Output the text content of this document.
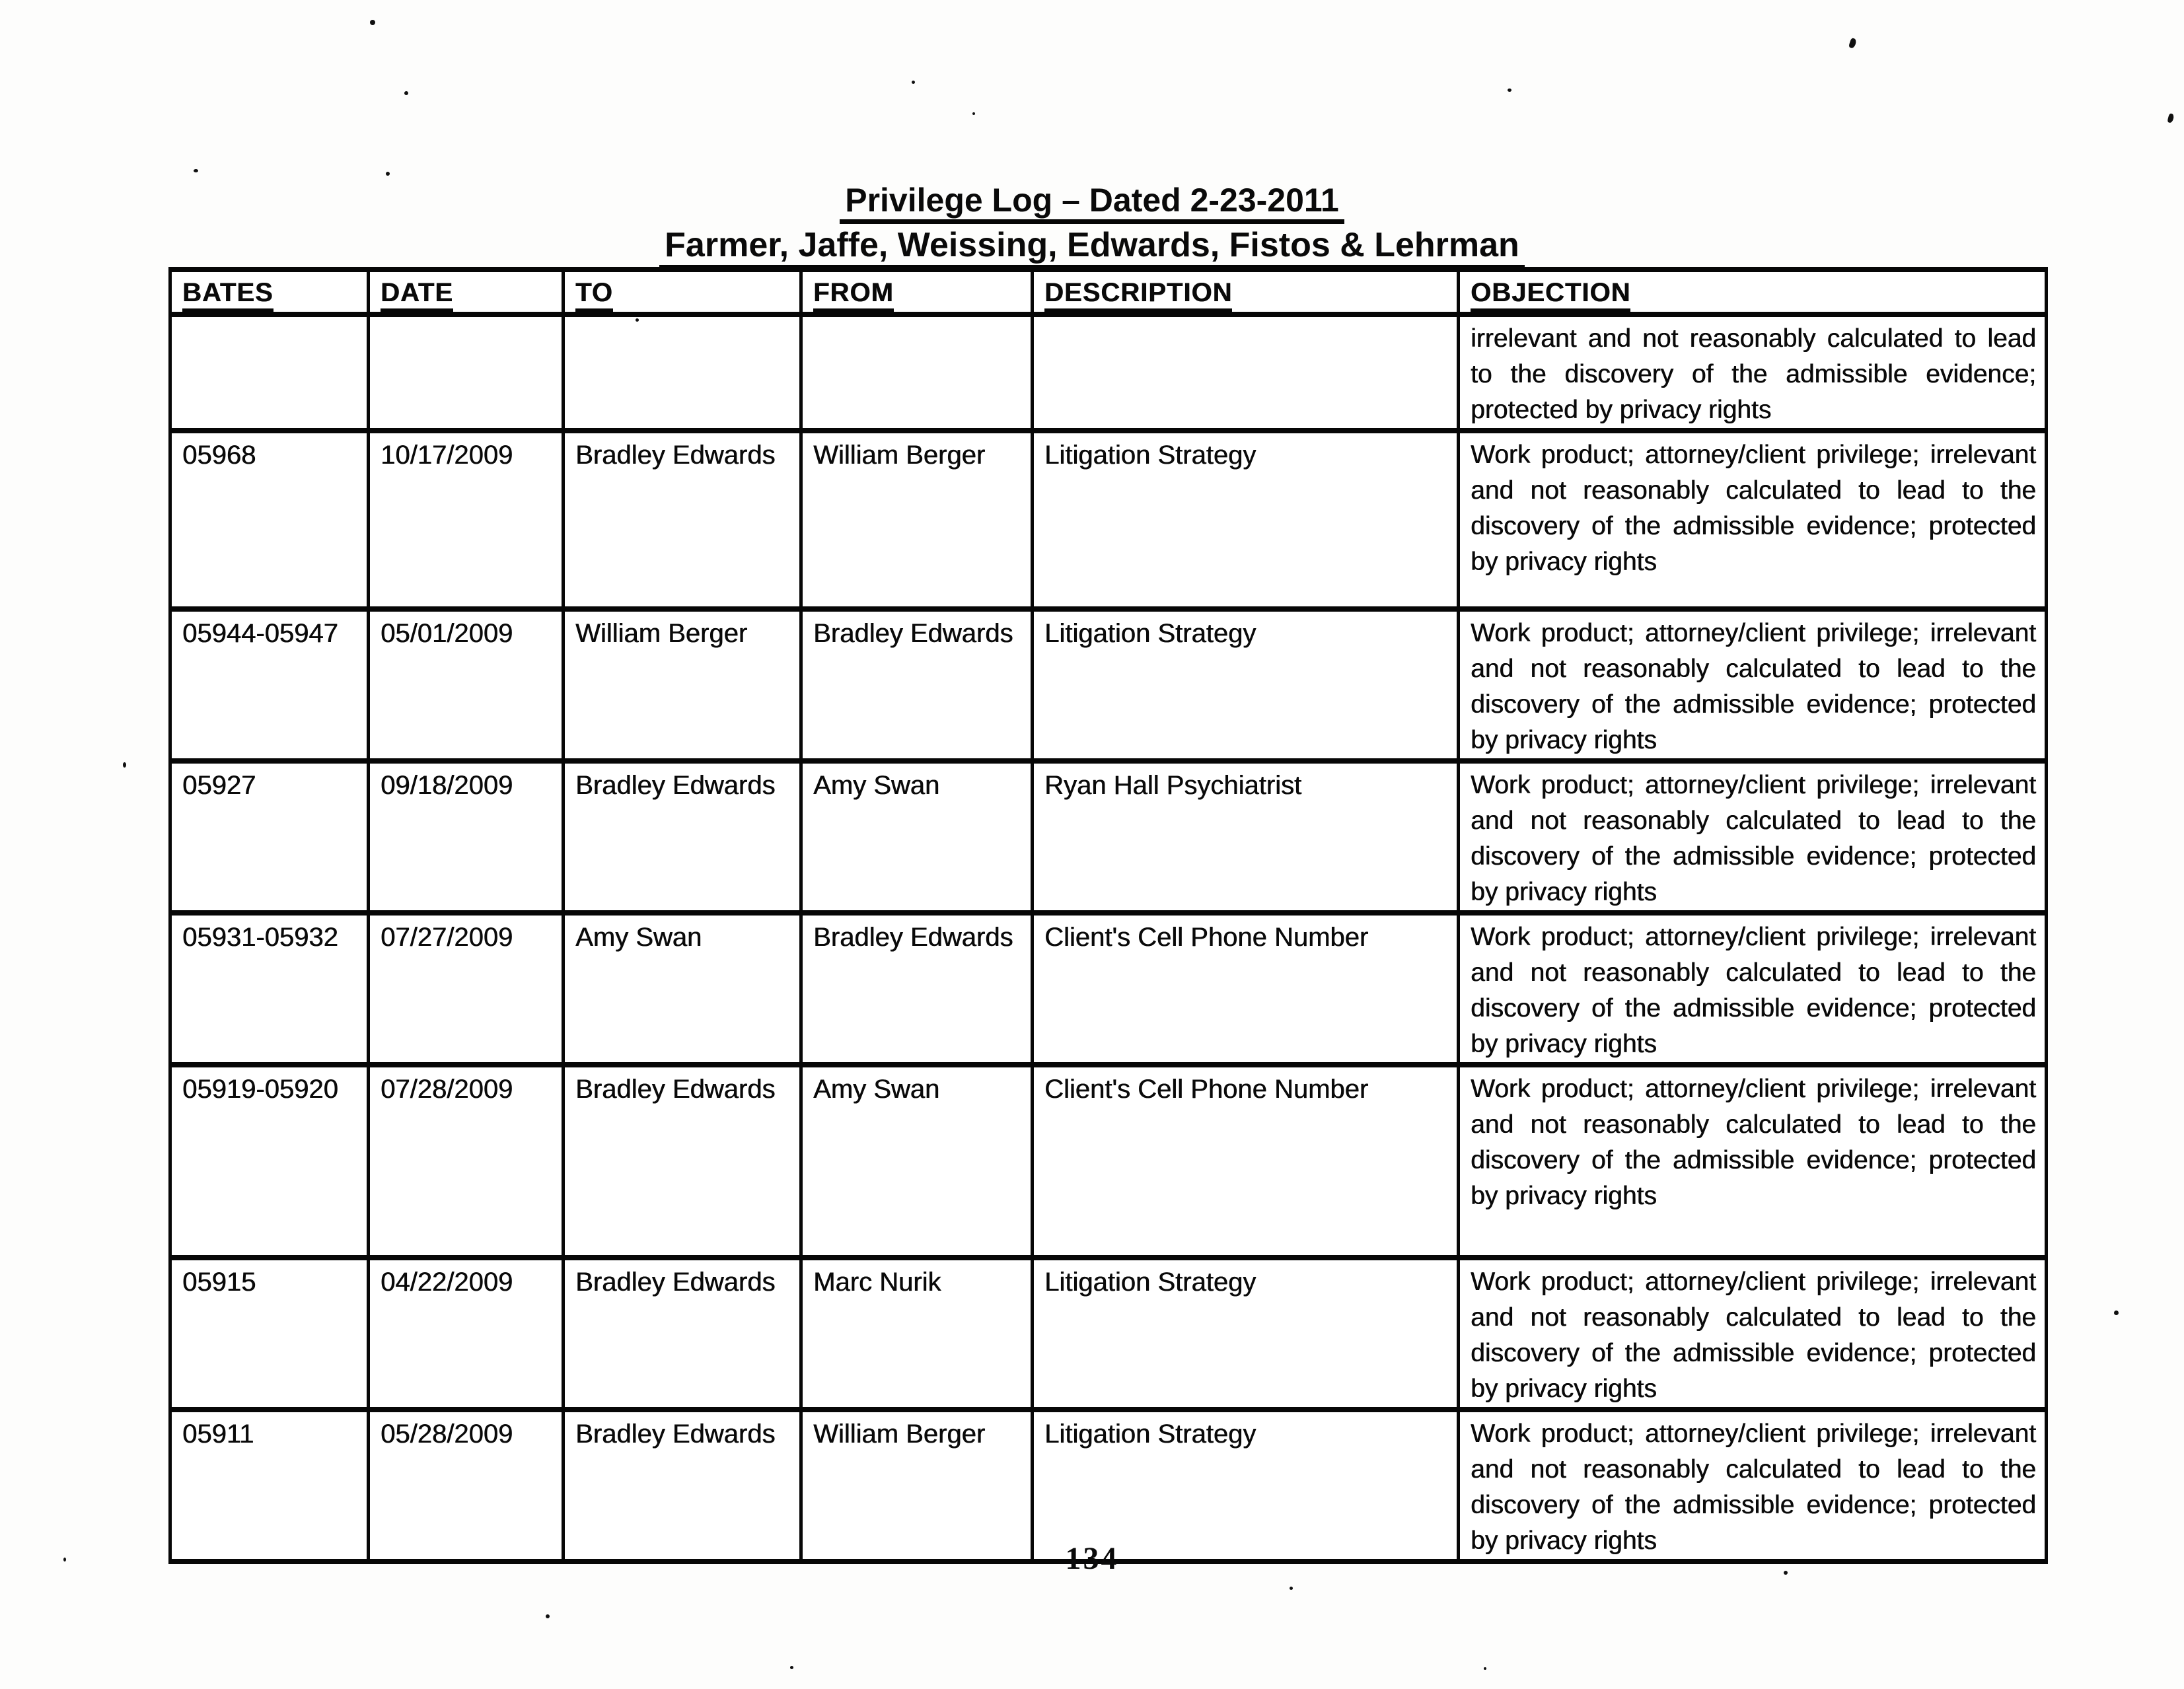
Privilege Log – Dated 2-23-2011
Farmer, Jaffe, Weissing, Edwards, Fistos & Lehrman
BATES	DATE	TO	FROM	DESCRIPTION	OBJECTION
					irrelevant and not reasonably calculated to lead to the discovery of the admissible evidence; protected by privacy rights
05968	10/17/2009	Bradley Edwards	William Berger	Litigation Strategy	Work product; attorney/client privilege; irrelevant and not reasonably calculated to lead to the discovery of the admissible evidence; protected by privacy rights
05944-05947	05/01/2009	William Berger	Bradley Edwards	Litigation Strategy	Work product; attorney/client privilege; irrelevant and not reasonably calculated to lead to the discovery of the admissible evidence; protected by privacy rights
05927	09/18/2009	Bradley Edwards	Amy Swan	Ryan Hall Psychiatrist	Work product; attorney/client privilege; irrelevant and not reasonably calculated to lead to the discovery of the admissible evidence; protected by privacy rights
05931-05932	07/27/2009	Amy Swan	Bradley Edwards	Client's Cell Phone Number	Work product; attorney/client privilege; irrelevant and not reasonably calculated to lead to the discovery of the admissible evidence; protected by privacy rights
05919-05920	07/28/2009	Bradley Edwards	Amy Swan	Client's Cell Phone Number	Work product; attorney/client privilege; irrelevant and not reasonably calculated to lead to the discovery of the admissible evidence; protected by privacy rights
05915	04/22/2009	Bradley Edwards	Marc Nurik	Litigation Strategy	Work product; attorney/client privilege; irrelevant and not reasonably calculated to lead to the discovery of the admissible evidence; protected by privacy rights
05911	05/28/2009	Bradley Edwards	William Berger	Litigation Strategy	Work product; attorney/client privilege; irrelevant and not reasonably calculated to lead to the discovery of the admissible evidence; protected by privacy rights
134
